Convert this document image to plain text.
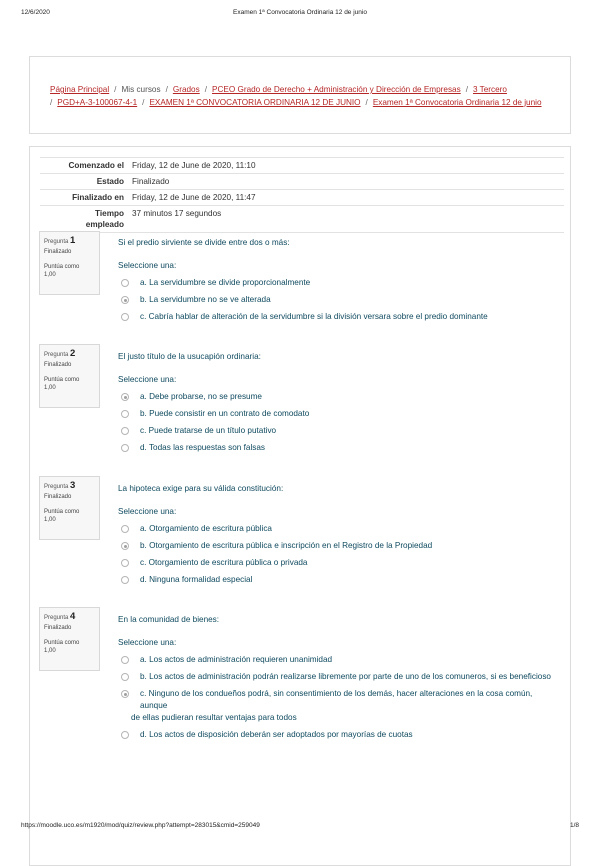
12/6/2020	Examen 1ª Convocatoria Ordinaria 12 de junio
Página Principal / Mis cursos / Grados / PCEO Grado de Derecho + Administración y Dirección de Empresas / 3 Tercero
/ PGD+A-3-100067-4-1 / EXAMEN 1ª CONVOCATORIA ORDINARIA 12 DE JUNIO / Examen 1ª Convocatoria Ordinaria 12 de junio
Comenzado el	Friday, 12 de June de 2020, 11:10
Estado	Finalizado
Finalizado en	Friday, 12 de June de 2020, 11:47
Tiempo
empleado	37 minutos 17 segundos
Pregunta 1
Finalizado
Puntúa como
1,00
Si el predio sirviente se divide entre dos o más:
Seleccione una:
a. La servidumbre se divide proporcionalmente
b. La servidumbre no se ve alterada
c. Cabría hablar de alteración de la servidumbre si la división versara sobre el predio dominante
Pregunta 2
Finalizado
Puntúa como
1,00
El justo título de la usucapión ordinaria:
Seleccione una:
a. Debe probarse, no se presume
b. Puede consistir en un contrato de comodato
c. Puede tratarse de un título putativo
d. Todas las respuestas son falsas
Pregunta 3
Finalizado
Puntúa como
1,00
La hipoteca exige para su válida constitución:
Seleccione una:
a. Otorgamiento de escritura pública
b. Otorgamiento de escritura pública e inscripción en el Registro de la Propiedad
c. Otorgamiento de escritura pública o privada
d. Ninguna formalidad especial
Pregunta 4
Finalizado
Puntúa como
1,00
En la comunidad de bienes:
Seleccione una:
a. Los actos de administración requieren unanimidad
b. Los actos de administración podrán realizarse libremente por parte de uno de los comuneros, si es beneficioso
c. Ninguno de los condueños podrá, sin consentimiento de los demás, hacer alteraciones en la cosa común, aunque
de ellas pudieran resultar ventajas para todos
d. Los actos de disposición deberán ser adoptados por mayorías de cuotas
https://moodle.uco.es/m1920/mod/quiz/review.php?attempt=283015&cmid=259049	1/8
